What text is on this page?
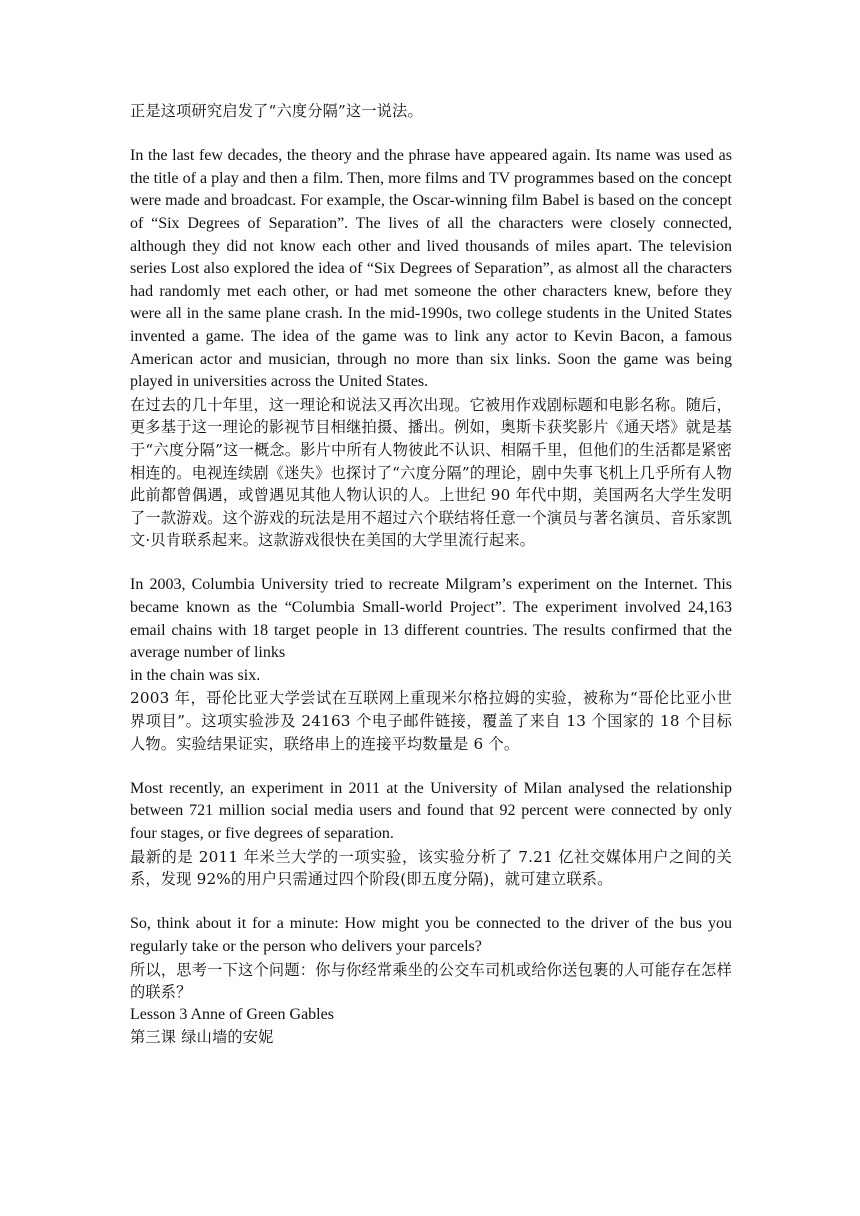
正是这项研究启发了“六度分隔”这一说法。

In the last few decades, the theory and the phrase have appeared again. Its name was used as the title of a play and then a film. Then, more films and TV programmes based on the concept were made and broadcast. For example, the Oscar-winning film Babel is based on the concept of “Six Degrees of Separation”. The lives of all the characters were closely connected, although they did not know each other and lived thousands of miles apart. The television series Lost also explored the idea of “Six Degrees of Separation”, as almost all the characters had randomly met each other, or had met someone the other characters knew, before they were all in the same plane crash. In the mid-1990s, two college students in the United States invented a game. The idea of the game was to link any actor to Kevin Bacon, a famous American actor and musician, through no more than six links. Soon the game was being played in universities across the United States.

在过去的几十年里，这一理论和说法又再次出现。它被用作戏剧标题和电影名称。随后，更多基于这一理论的影视节目相继拍摄、播出。例如，奥斯卡获奖影片《通天塔》就是基于“六度分隔”这一概念。影片中所有人物彼此不认识、相隔千里，但他们的生活都是紧密相连的。电视连续剧《迷失》也探讨了“六度分隔”的理论，剧中失事飞机上几乎所有人物此前都曾偶遇，或曾遇见其他人物认识的人。上世纪 90 年代中期，美国两名大学生发明了一款游戏。这个游戏的玩法是用不超过六个联结将任意一个演员与著名演员、音乐家凯文·贝肯联系起来。这款游戏很快在美国的大学里流行起来。

In 2003, Columbia University tried to recreate Milgram’s experiment on the Internet. This became known as the “Columbia Small-world Project”. The experiment involved 24,163 email chains with 18 target people in 13 different countries. The results confirmed that the average number of links

in the chain was six.

2003 年，哥伦比亚大学尝试在互联网上重现米尔格拉姆的实验，被称为“哥伦比亚小世界项目”。这项实验涉及 24163 个电子邮件链接，覆盖了来自 13 个国家的 18 个目标人物。实验结果证实，联络串上的连接平均数量是 6 个。

Most recently, an experiment in 2011 at the University of Milan analysed the relationship between 721 million social media users and found that 92 percent were connected by only four stages, or five degrees of separation.

最新的是 2011 年米兰大学的一项实验，该实验分析了 7.21 亿社交媒体用户之间的关系，发现 92%的用户只需通过四个阶段(即五度分隔)，就可建立联系。

So, think about it for a minute: How might you be connected to the driver of the bus you regularly take or the person who delivers your parcels?

所以，思考一下这个问题：你与你经常乘坐的公交车司机或给你送包裹的人可能存在怎样的联系？

Lesson 3 Anne of Green Gables

第三课 绿山墙的安妮
